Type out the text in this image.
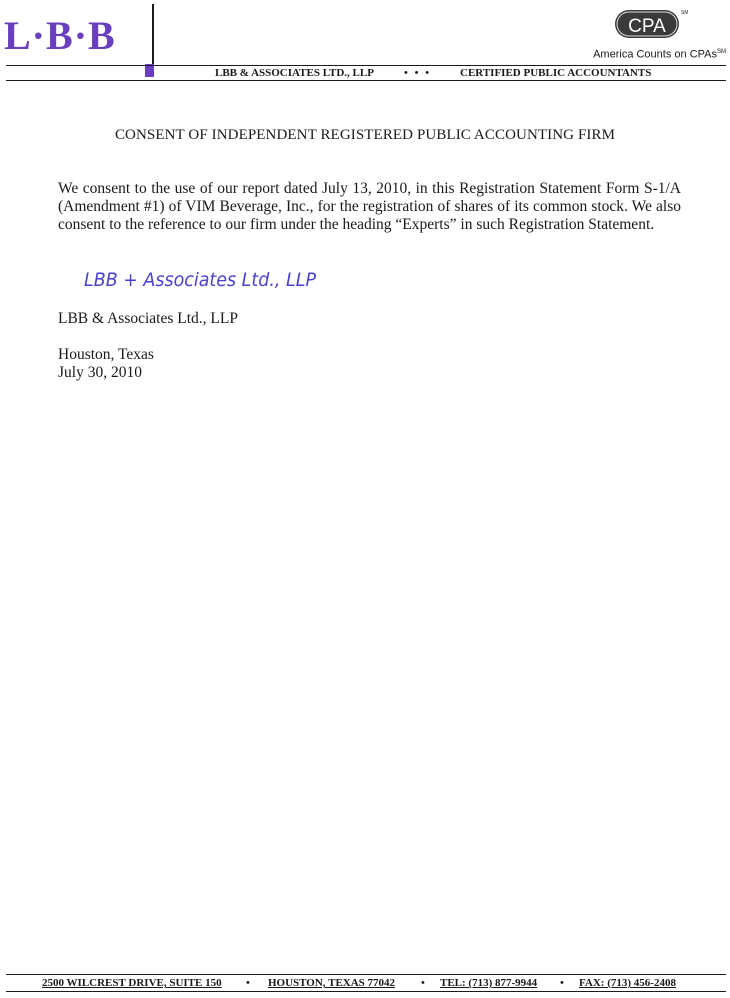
L·B·B	CPA
SM
America Counts on CPAs℠
LBB & ASSOCIATES LTD., LLP	• • •	CERTIFIED PUBLIC ACCOUNTANTS
CONSENT OF INDEPENDENT REGISTERED PUBLIC ACCOUNTING FIRM
We consent to the use of our report dated July 13, 2010, in this Registration Statement Form S-1/A (Amendment #1) of VIM Beverage, Inc., for the registration of shares of its common stock. We also consent to the reference to our firm under the heading “Experts” in such Registration Statement.
LBB + Associates Ltd., LLP
LBB & Associates Ltd., LLP
Houston, Texas
July 30, 2010
2500 WILCREST DRIVE, SUITE 150 • HOUSTON, TEXAS 77042 • TEL: (713) 877-9944 • FAX: (713) 456-2408
